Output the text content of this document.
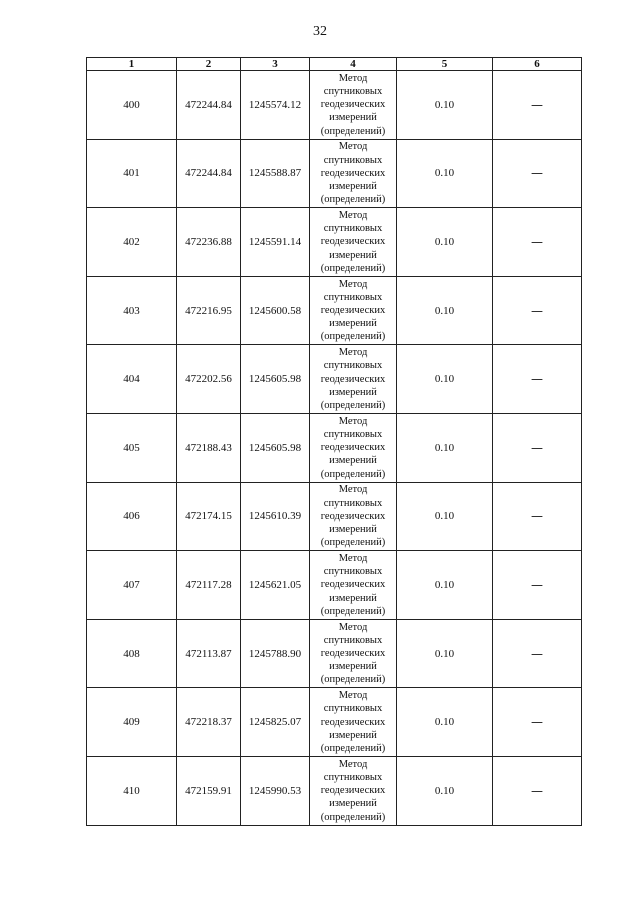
32
1	2	3	4	5	6
400	472244.84	1245574.12	Метод
спутниковых
геодезических
измерений
(определений)	0.10	—
401	472244.84	1245588.87	Метод
спутниковых
геодезических
измерений
(определений)	0.10	—
402	472236.88	1245591.14	Метод
спутниковых
геодезических
измерений
(определений)	0.10	—
403	472216.95	1245600.58	Метод
спутниковых
геодезических
измерений
(определений)	0.10	—
404	472202.56	1245605.98	Метод
спутниковых
геодезических
измерений
(определений)	0.10	—
405	472188.43	1245605.98	Метод
спутниковых
геодезических
измерений
(определений)	0.10	—
406	472174.15	1245610.39	Метод
спутниковых
геодезических
измерений
(определений)	0.10	—
407	472117.28	1245621.05	Метод
спутниковых
геодезических
измерений
(определений)	0.10	—
408	472113.87	1245788.90	Метод
спутниковых
геодезических
измерений
(определений)	0.10	—
409	472218.37	1245825.07	Метод
спутниковых
геодезических
измерений
(определений)	0.10	—
410	472159.91	1245990.53	Метод
спутниковых
геодезических
измерений
(определений)	0.10	—
